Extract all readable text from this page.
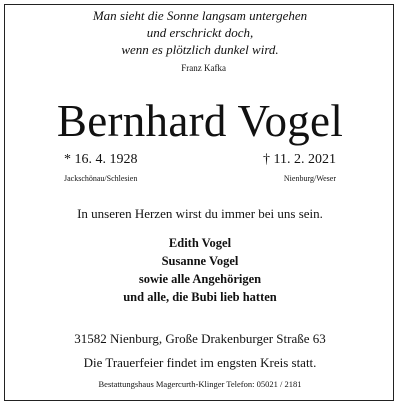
Man sieht die Sonne langsam untergehen
und erschrickt doch,
wenn es plötzlich dunkel wird.
Franz Kafka
Bernhard Vogel
* 16. 4. 1928
Jackschönau/Schlesien
† 11. 2. 2021
Nienburg/Weser
In unseren Herzen wirst du immer bei uns sein.
Edith Vogel
Susanne Vogel
sowie alle Angehörigen
und alle, die Bubi lieb hatten
31582 Nienburg, Große Drakenburger Straße 63
Die Trauerfeier findet im engsten Kreis statt.
Bestattungshaus Magercurth-Klinger Telefon: 05021 / 2181
